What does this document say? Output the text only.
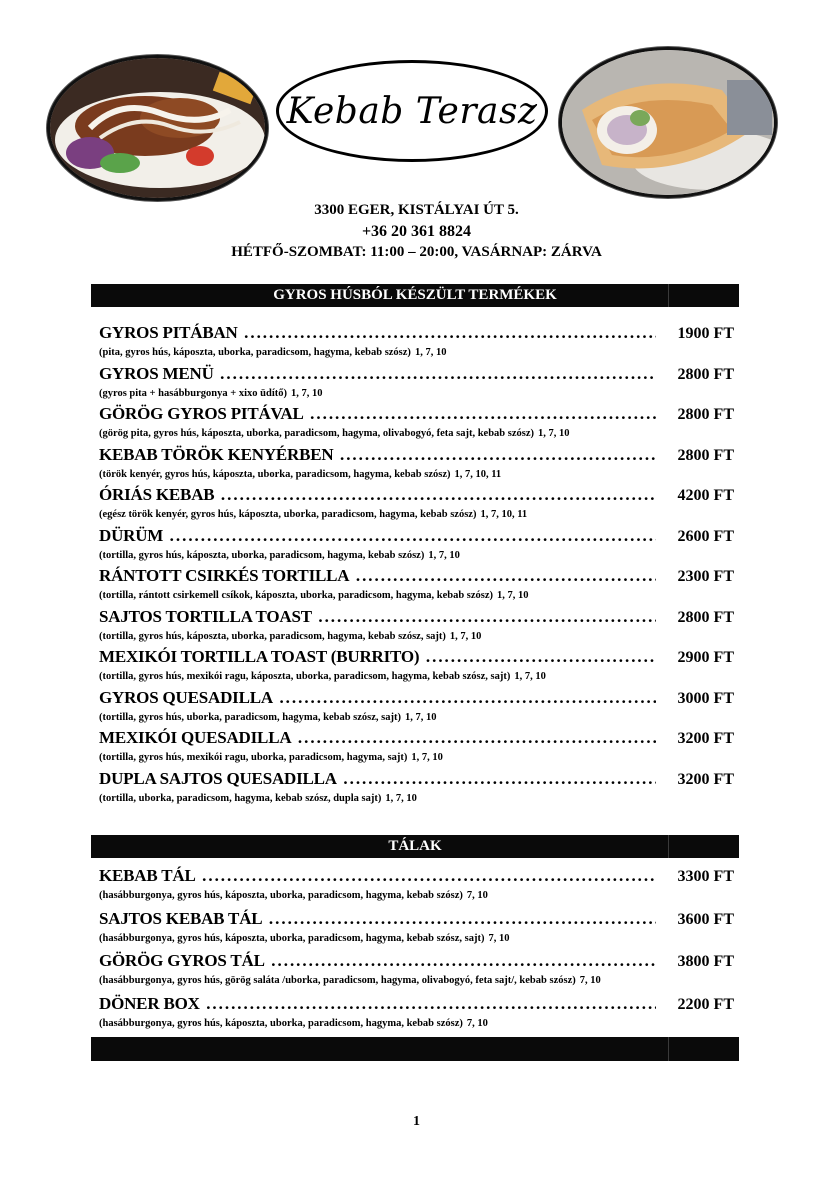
Kebab Terasz
3300 EGER, KISTÁLYAI ÚT 5.
+36 20 361 8824
HÉTFŐ-SZOMBAT: 11:00 – 20:00, VASÁRNAP: ZÁRVA
GYROS HÚSBÓL KÉSZÜLT TERMÉKEK
GYROS PITÁBAN .....	1900 FT
(pita, gyros hús, káposzta, uborka, paradicsom, hagyma, kebab szósz) 1, 7, 10
GYROS MENÜ .....	2800 FT
(gyros pita + hasábburgonya + xixo üdítő) 1, 7, 10
GÖRÖG GYROS PITÁVAL .....	2800 FT
(görög pita, gyros hús, káposzta, uborka, paradicsom, hagyma, olivabogyó, feta sajt, kebab szósz) 1, 7, 10
KEBAB TÖRÖK KENYÉRBEN .....	2800 FT
(török kenyér, gyros hús, káposzta, uborka, paradicsom, hagyma, kebab szósz) 1, 7, 10, 11
ÓRIÁS KEBAB .....	4200 FT
(egész török kenyér, gyros hús, káposzta, uborka, paradicsom, hagyma, kebab szósz) 1, 7, 10, 11
DÜRÜM .....	2600 FT
(tortilla, gyros hús, káposzta, uborka, paradicsom, hagyma, kebab szósz) 1, 7, 10
RÁNTOTT CSIRKÉS TORTILLA .....	2300 FT
(tortilla, rántott csirkemell csíkok, káposzta, uborka, paradicsom, hagyma, kebab szósz) 1, 7, 10
SAJTOS TORTILLA TOAST .....	2800 FT
(tortilla, gyros hús, káposzta, uborka, paradicsom, hagyma, kebab szósz, sajt) 1, 7, 10
MEXIKÓI TORTILLA TOAST (BURRITO) .....	2900 FT
(tortilla, gyros hús, mexikói ragu, káposzta, uborka, paradicsom, hagyma, kebab szósz, sajt) 1, 7, 10
GYROS QUESADILLA .....	3000 FT
(tortilla, gyros hús, uborka, paradicsom, hagyma, kebab szósz, sajt) 1, 7, 10
MEXIKÓI QUESADILLA .....	3200 FT
(tortilla, gyros hús, mexikói ragu, uborka, paradicsom, hagyma, sajt) 1, 7, 10
DUPLA SAJTOS QUESADILLA .....	3200 FT
(tortilla, uborka, paradicsom, hagyma, kebab szósz, dupla sajt) 1, 7, 10
TÁLAK
KEBAB TÁL .....	3300 FT
(hasábburgonya, gyros hús, káposzta, uborka, paradicsom, hagyma, kebab szósz) 7, 10
SAJTOS KEBAB TÁL .....	3600 FT
(hasábburgonya, gyros hús, káposzta, uborka, paradicsom, hagyma, kebab szósz, sajt) 7, 10
GÖRÖG GYROS TÁL .....	3800 FT
(hasábburgonya, gyros hús, görög saláta /uborka, paradicsom, hagyma, olivabogyó, feta sajt/, kebab szósz) 7, 10
DÖNER BOX .....	2200 FT
(hasábburgonya, gyros hús, káposzta, uborka, paradicsom, hagyma, kebab szósz) 7, 10
1
